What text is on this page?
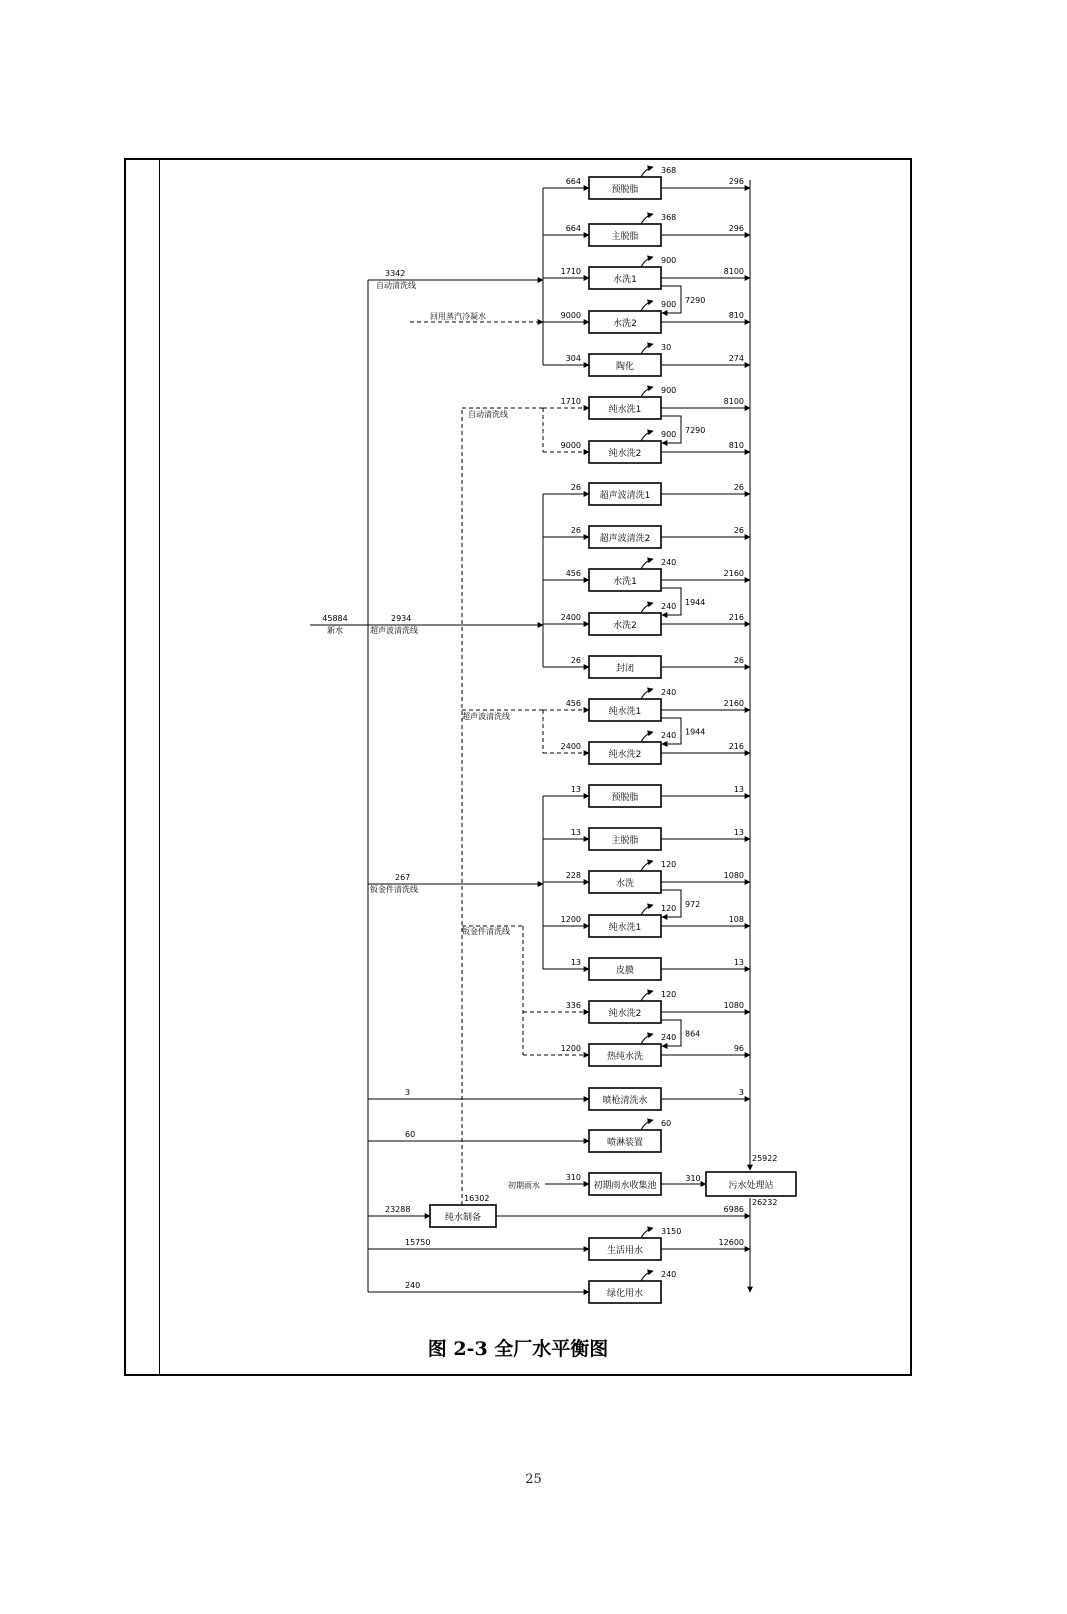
45884
新水
3342
自动清洗线
回用蒸汽冷凝水
2934
超声波清洗线
267
钣金件清洗线
自动清洗线
超声波清洗线
钣金件清洗线
预脱脂
664
368
296
主脱脂
664
368
296
水洗1
1710
900
8100
水洗2
9000
900
810
7290
陶化
304
30
274
纯水洗1
1710
900
8100
纯水洗2
9000
900
810
7290
超声波清洗1
26	26
超声波清洗2
26	26
水洗1
456
240
2160
水洗2
2400
240
216
1944
封闭
26	26
纯水洗1
456
240
2160
纯水洗2
2400
240
216
1944
预脱脂
13	13
主脱脂
13	13
水洗
228
120
1080
纯水洗1
1200
120
108
972
皮膜
13	13
纯水洗2
336
120
1080
热纯水洗
1200
240
96
864
喷枪清洗水
3	3
喷淋装置
60
60
初期雨水收集池
初期雨水
310	310
生活用水
15750
3150
12600
绿化用水
240
240
纯水制备
23288
16302
6986
污水处理站
25922
26232
图 2-3 全厂水平衡图
25
